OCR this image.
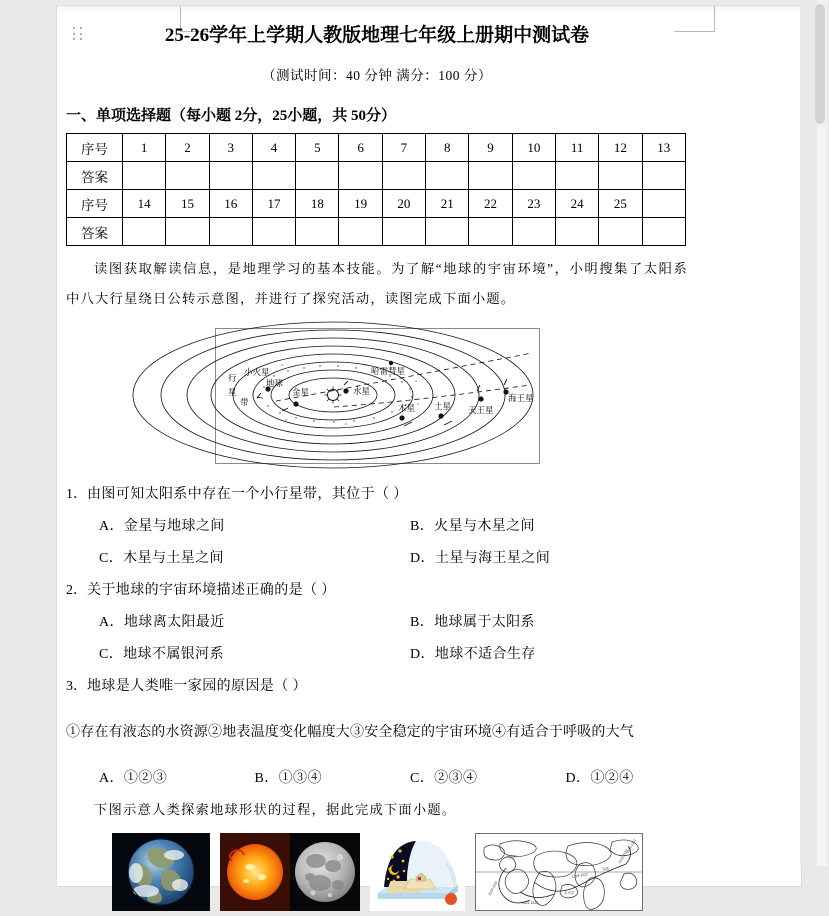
25-26学年上学期人教版地理七年级上册期中测试卷
（测试时间：40 分钟 满分：100 分）
一、单项选择题（每小题 2分，25小题，共 50分）
序号	1	2	3	4	5	6	7	8	9	10	11	12	13
答案													
序号	14	15	16	17	18	19	20	21	22	23	24	25	
答案													

读图获取解读信息，是地理学习的基本技能。为了解“地球的宇宙环境”，小明搜集了太阳系中八大行星绕日公转示意图，并进行了探究活动，读图完成下面小题。

小火星
地球
金星	水星
哈雷彗星
木星 土星 天王星
海王星
行
星
带

1．由图可知太阳系中存在一个小行星带，其位于（ ）

A．金星与地球之间	B．火星与木星之间
C．木星与土星之间	D．土星与海王星之间

2．关于地球的宇宙环境描述正确的是（ ）

A．地球离太阳最近	B．地球属于太阳系
C．地球不属银河系	D．地球不适合生存

3．地球是人类唯一家园的原因是（ ）

①存在有液态的水资源②地表温度变化幅度大③安全稳定的宇宙环境④有适合于呼吸的大气

A．①②③	B．①③④	C．②③④	D．①②④

下图示意人类探索地球形状的过程，据此完成下面小题。

1519-1522
1521-1522
1519-1522
赤道
1519-1522
1519-1522
大西洋
太平洋
